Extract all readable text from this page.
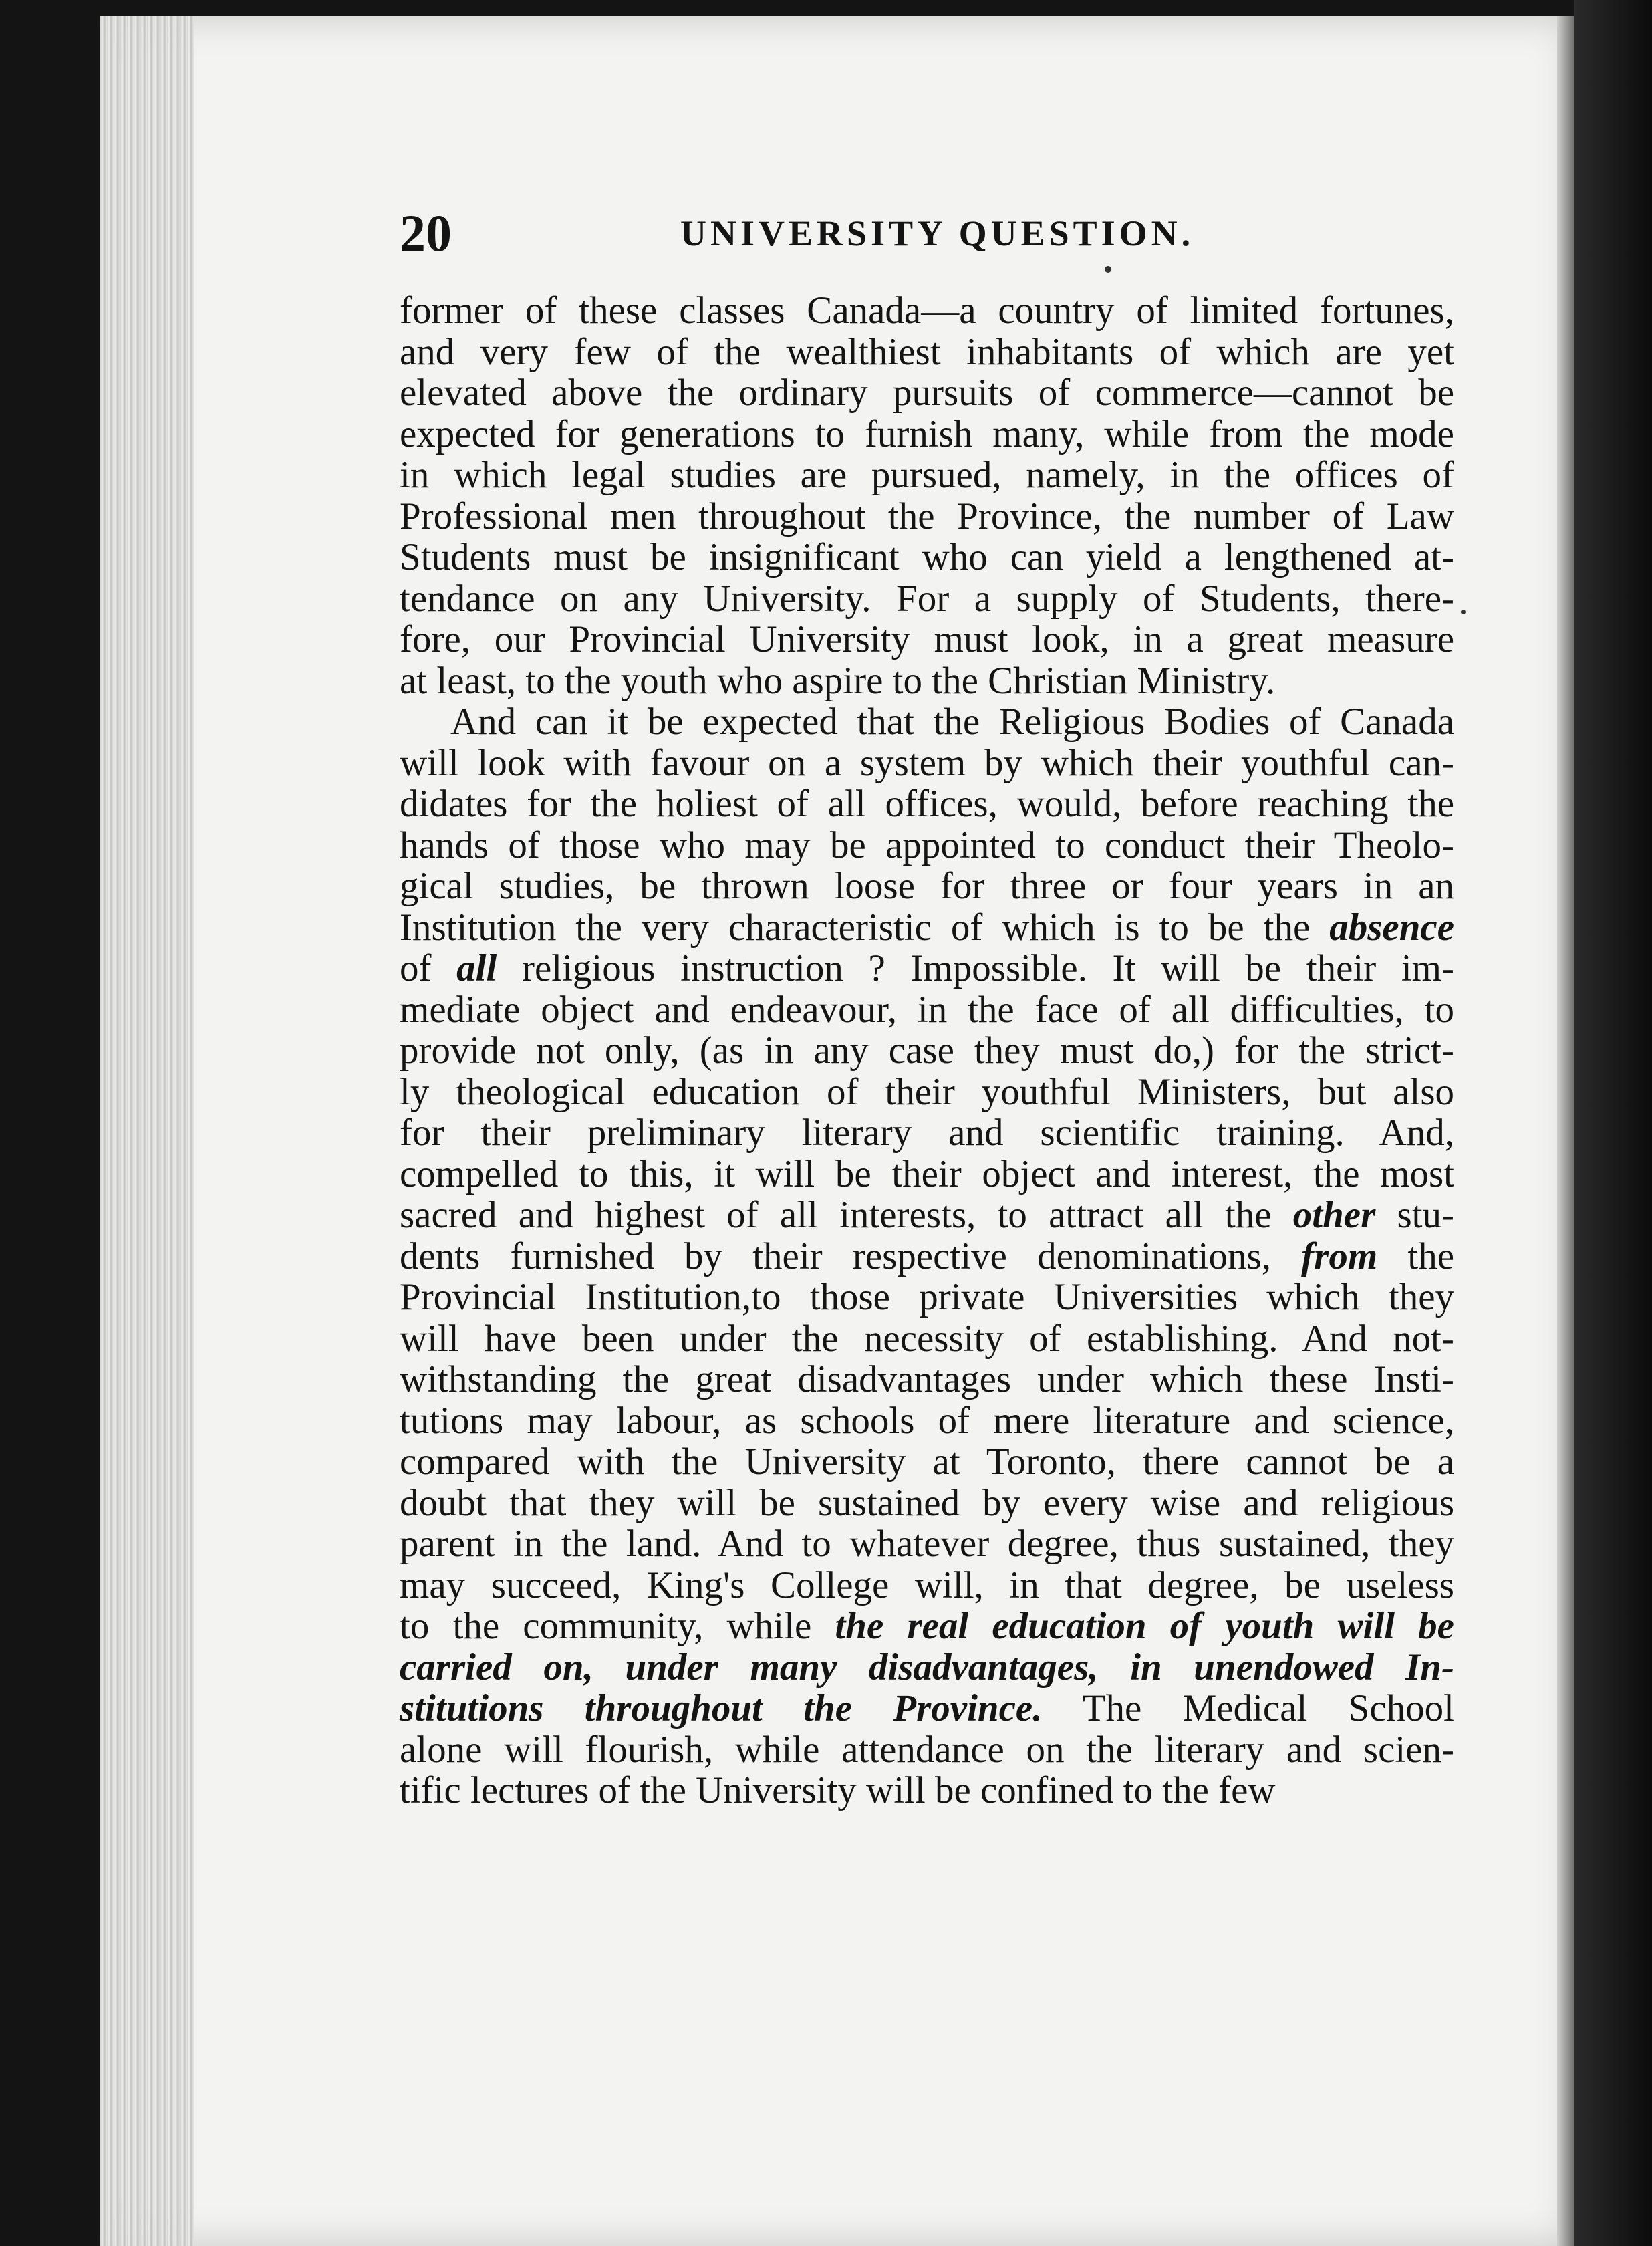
20	UNIVERSITY QUESTION.
former of these classes Canada—a country of limited fortunes,
and very few of the wealthiest inhabitants of which are yet
elevated above the ordinary pursuits of commerce—cannot be
expected for generations to furnish many, while from the mode
in which legal studies are pursued, namely, in the offices of
Professional men throughout the Province, the number of Law
Students must be insignificant who can yield a lengthened at-
tendance on any University. For a supply of Students, there-
fore, our Provincial University must look, in a great measure
at least, to the youth who aspire to the Christian Ministry.
And can it be expected that the Religious Bodies of Canada
will look with favour on a system by which their youthful can-
didates for the holiest of all offices, would, before reaching the
hands of those who may be appointed to conduct their Theolo-
gical studies, be thrown loose for three or four years in an
Institution the very characteristic of which is to be the absence
of all religious instruction ? Impossible. It will be their im-
mediate object and endeavour, in the face of all difficulties, to
provide not only, (as in any case they must do,) for the strict-
ly theological education of their youthful Ministers, but also
for their preliminary literary and scientific training. And,
compelled to this, it will be their object and interest, the most
sacred and highest of all interests, to attract all the other stu-
dents furnished by their respective denominations, from the
Provincial Institution,to those private Universities which they
will have been under the necessity of establishing. And not-
withstanding the great disadvantages under which these Insti-
tutions may labour, as schools of mere literature and science,
compared with the University at Toronto, there cannot be a
doubt that they will be sustained by every wise and religious
parent in the land. And to whatever degree, thus sustained, they
may succeed, King's College will, in that degree, be useless
to the community, while the real education of youth will be
carried on, under many disadvantages, in unendowed In-
stitutions throughout the Province. The Medical School
alone will flourish, while attendance on the literary and scien-
tific lectures of the University will be confined to the few
